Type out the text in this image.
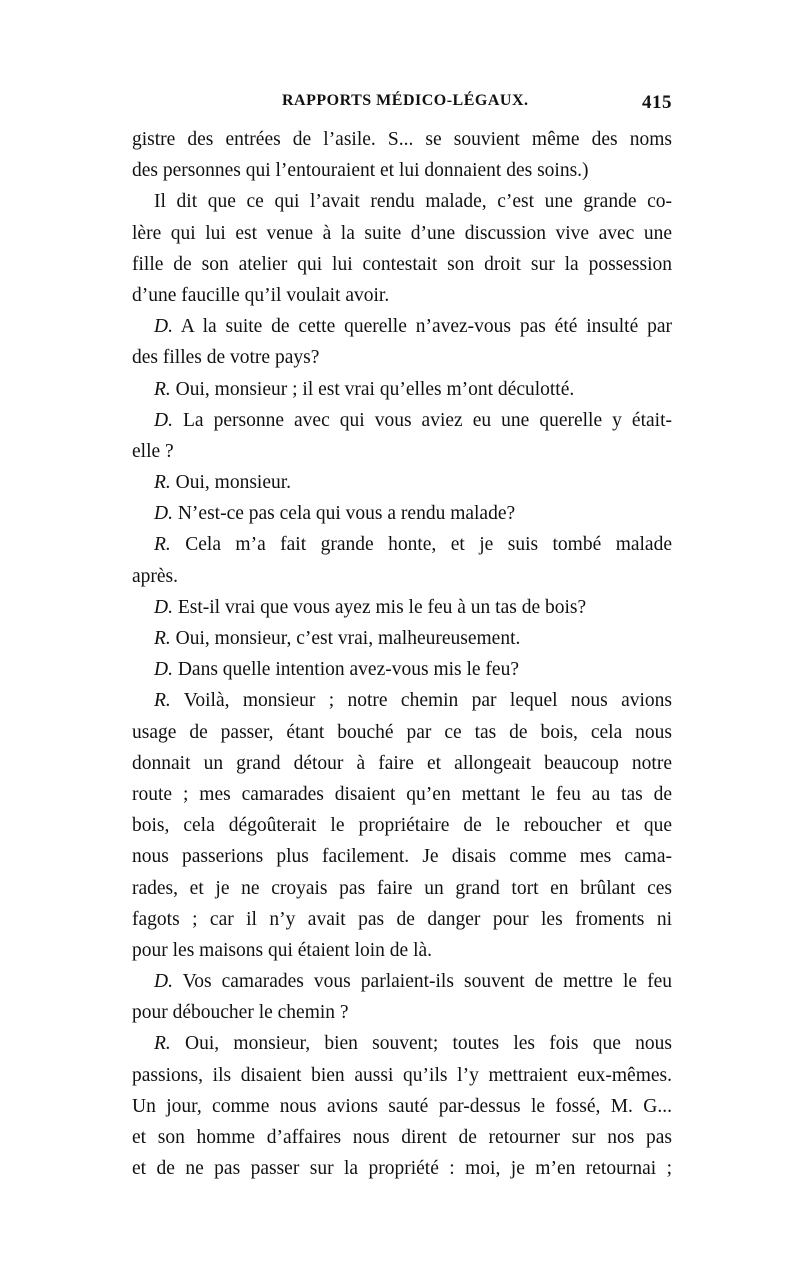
RAPPORTS MÉDICO-LÉGAUX.	415
gistre des entrées de l’asile. S... se souvient même des noms
des personnes qui l’entouraient et lui donnaient des soins.)
Il dit que ce qui l’avait rendu malade, c’est une grande co-
lère qui lui est venue à la suite d’une discussion vive avec une
fille de son atelier qui lui contestait son droit sur la possession
d’une faucille qu’il voulait avoir.
D. A la suite de cette querelle n’avez-vous pas été insulté par
des filles de votre pays?
R. Oui, monsieur ; il est vrai qu’elles m’ont déculotté.
D. La personne avec qui vous aviez eu une querelle y était-
elle ?
R. Oui, monsieur.
D. N’est-ce pas cela qui vous a rendu malade?
R. Cela m’a fait grande honte, et je suis tombé malade
après.
D. Est-il vrai que vous ayez mis le feu à un tas de bois?
R. Oui, monsieur, c’est vrai, malheureusement.
D. Dans quelle intention avez-vous mis le feu?
R. Voilà, monsieur ; notre chemin par lequel nous avions
usage de passer, étant bouché par ce tas de bois, cela nous
donnait un grand détour à faire et allongeait beaucoup notre
route ; mes camarades disaient qu’en mettant le feu au tas de
bois, cela dégoûterait le propriétaire de le reboucher et que
nous passerions plus facilement. Je disais comme mes cama-
rades, et je ne croyais pas faire un grand tort en brûlant ces
fagots ; car il n’y avait pas de danger pour les froments ni
pour les maisons qui étaient loin de là.
D. Vos camarades vous parlaient-ils souvent de mettre le feu
pour déboucher le chemin ?
R. Oui, monsieur, bien souvent; toutes les fois que nous
passions, ils disaient bien aussi qu’ils l’y mettraient eux-mêmes.
Un jour, comme nous avions sauté par-dessus le fossé, M. G...
et son homme d’affaires nous dirent de retourner sur nos pas
et de ne pas passer sur la propriété : moi, je m’en retournai ;
